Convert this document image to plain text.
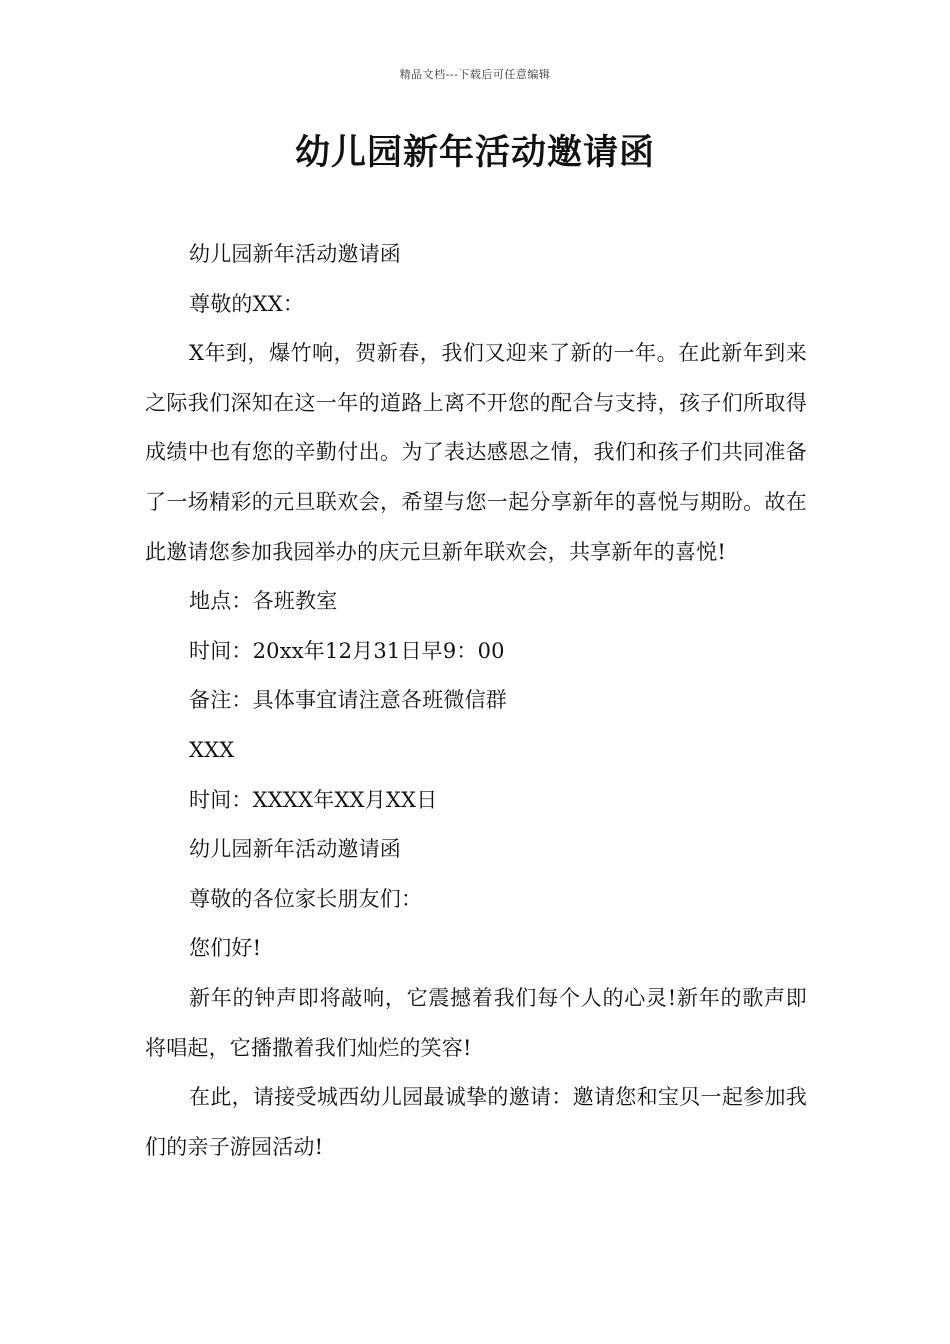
精品文档---下载后可任意编辑
幼儿园新年活动邀请函

幼儿园新年活动邀请函

尊敬的XX：

X年到，爆竹响，贺新春，我们又迎来了新的一年。在此新年到来之际我们深知在这一年的道路上离不开您的配合与支持，孩子们所取得成绩中也有您的辛勤付出。为了表达感恩之情，我们和孩子们共同准备了一场精彩的元旦联欢会，希望与您一起分享新年的喜悦与期盼。故在此邀请您参加我园举办的庆元旦新年联欢会，共享新年的喜悦!

地点：各班教室

时间：20xx年12月31日早9：00

备注：具体事宜请注意各班微信群

XXX

时间：XXXX年XX月XX日

幼儿园新年活动邀请函

尊敬的各位家长朋友们：

您们好!

新年的钟声即将敲响，它震撼着我们每个人的心灵!新年的歌声即将唱起，它播撒着我们灿烂的笑容!

在此，请接受城西幼儿园最诚挚的邀请：邀请您和宝贝一起参加我们的亲子游园活动!
